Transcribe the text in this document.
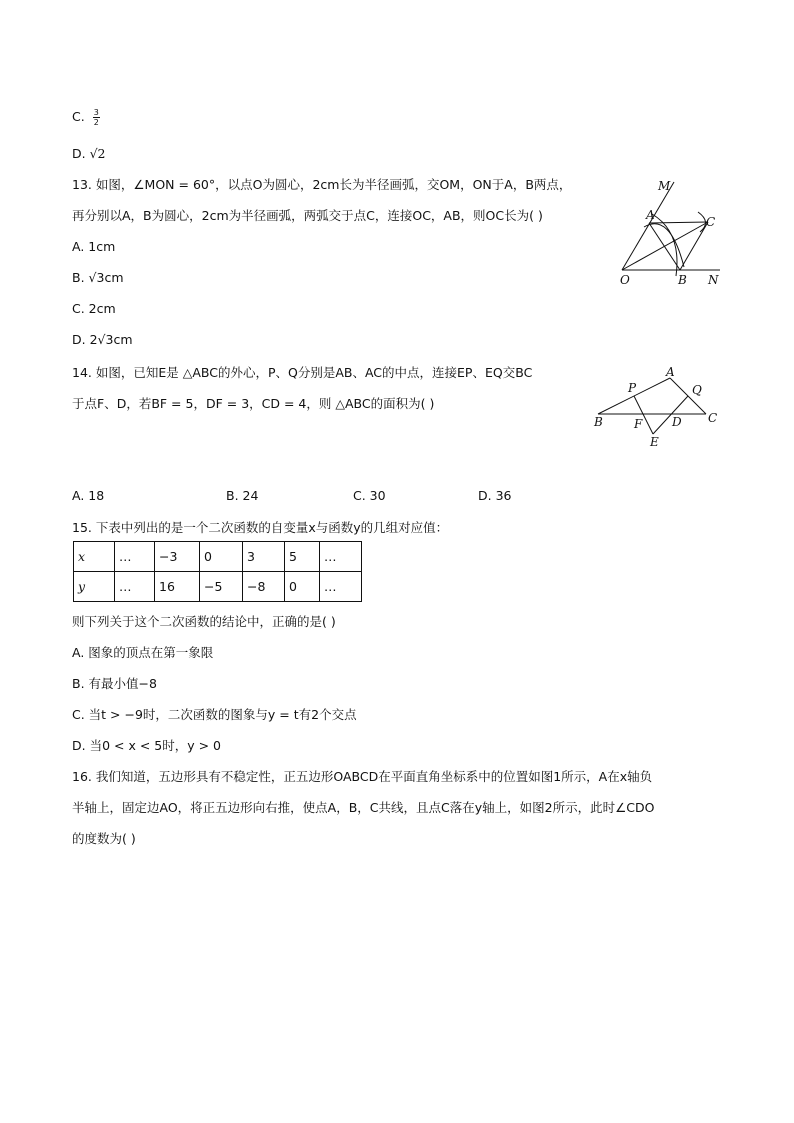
C. $\frac{3}{2}$
D. √2
13. 如图，∠MON = 60°，以点O为圆心，2cm长为半径画弧，交OM，ON于A，B两点，
再分别以A，B为圆心，2cm为半径画弧，两弧交于点C，连接OC，AB，则OC长为( )
A. 1cm
B. √3cm
C. 2cm
D. 2√3cm
M
A	C
O	B N
14. 如图，已知E是 △ABC的外心，P、Q分别是AB、AC的中点，连接EP、EQ交BC
于点F、D，若BF = 5，DF = 3，CD = 4，则 △ABC的面积为( )
A
P	Q
B	F D C
E
A. 18	B. 24	C. 30	D. 36
15. 下表中列出的是一个二次函数的自变量x与函数y的几组对应值：
x	…	−3	0	3	5	…
y	…	16	−5	−8	0	…
则下列关于这个二次函数的结论中，正确的是( )
A. 图象的顶点在第一象限
B. 有最小值−8
C. 当t > −9时，二次函数的图象与y = t有2个交点
D. 当0 < x < 5时，y > 0
16. 我们知道，五边形具有不稳定性，正五边形OABCD在平面直角坐标系中的位置如图1所示，A在x轴负
半轴上，固定边AO，将正五边形向右推，使点A，B，C共线，且点C落在y轴上，如图2所示，此时∠CDO
的度数为( )
